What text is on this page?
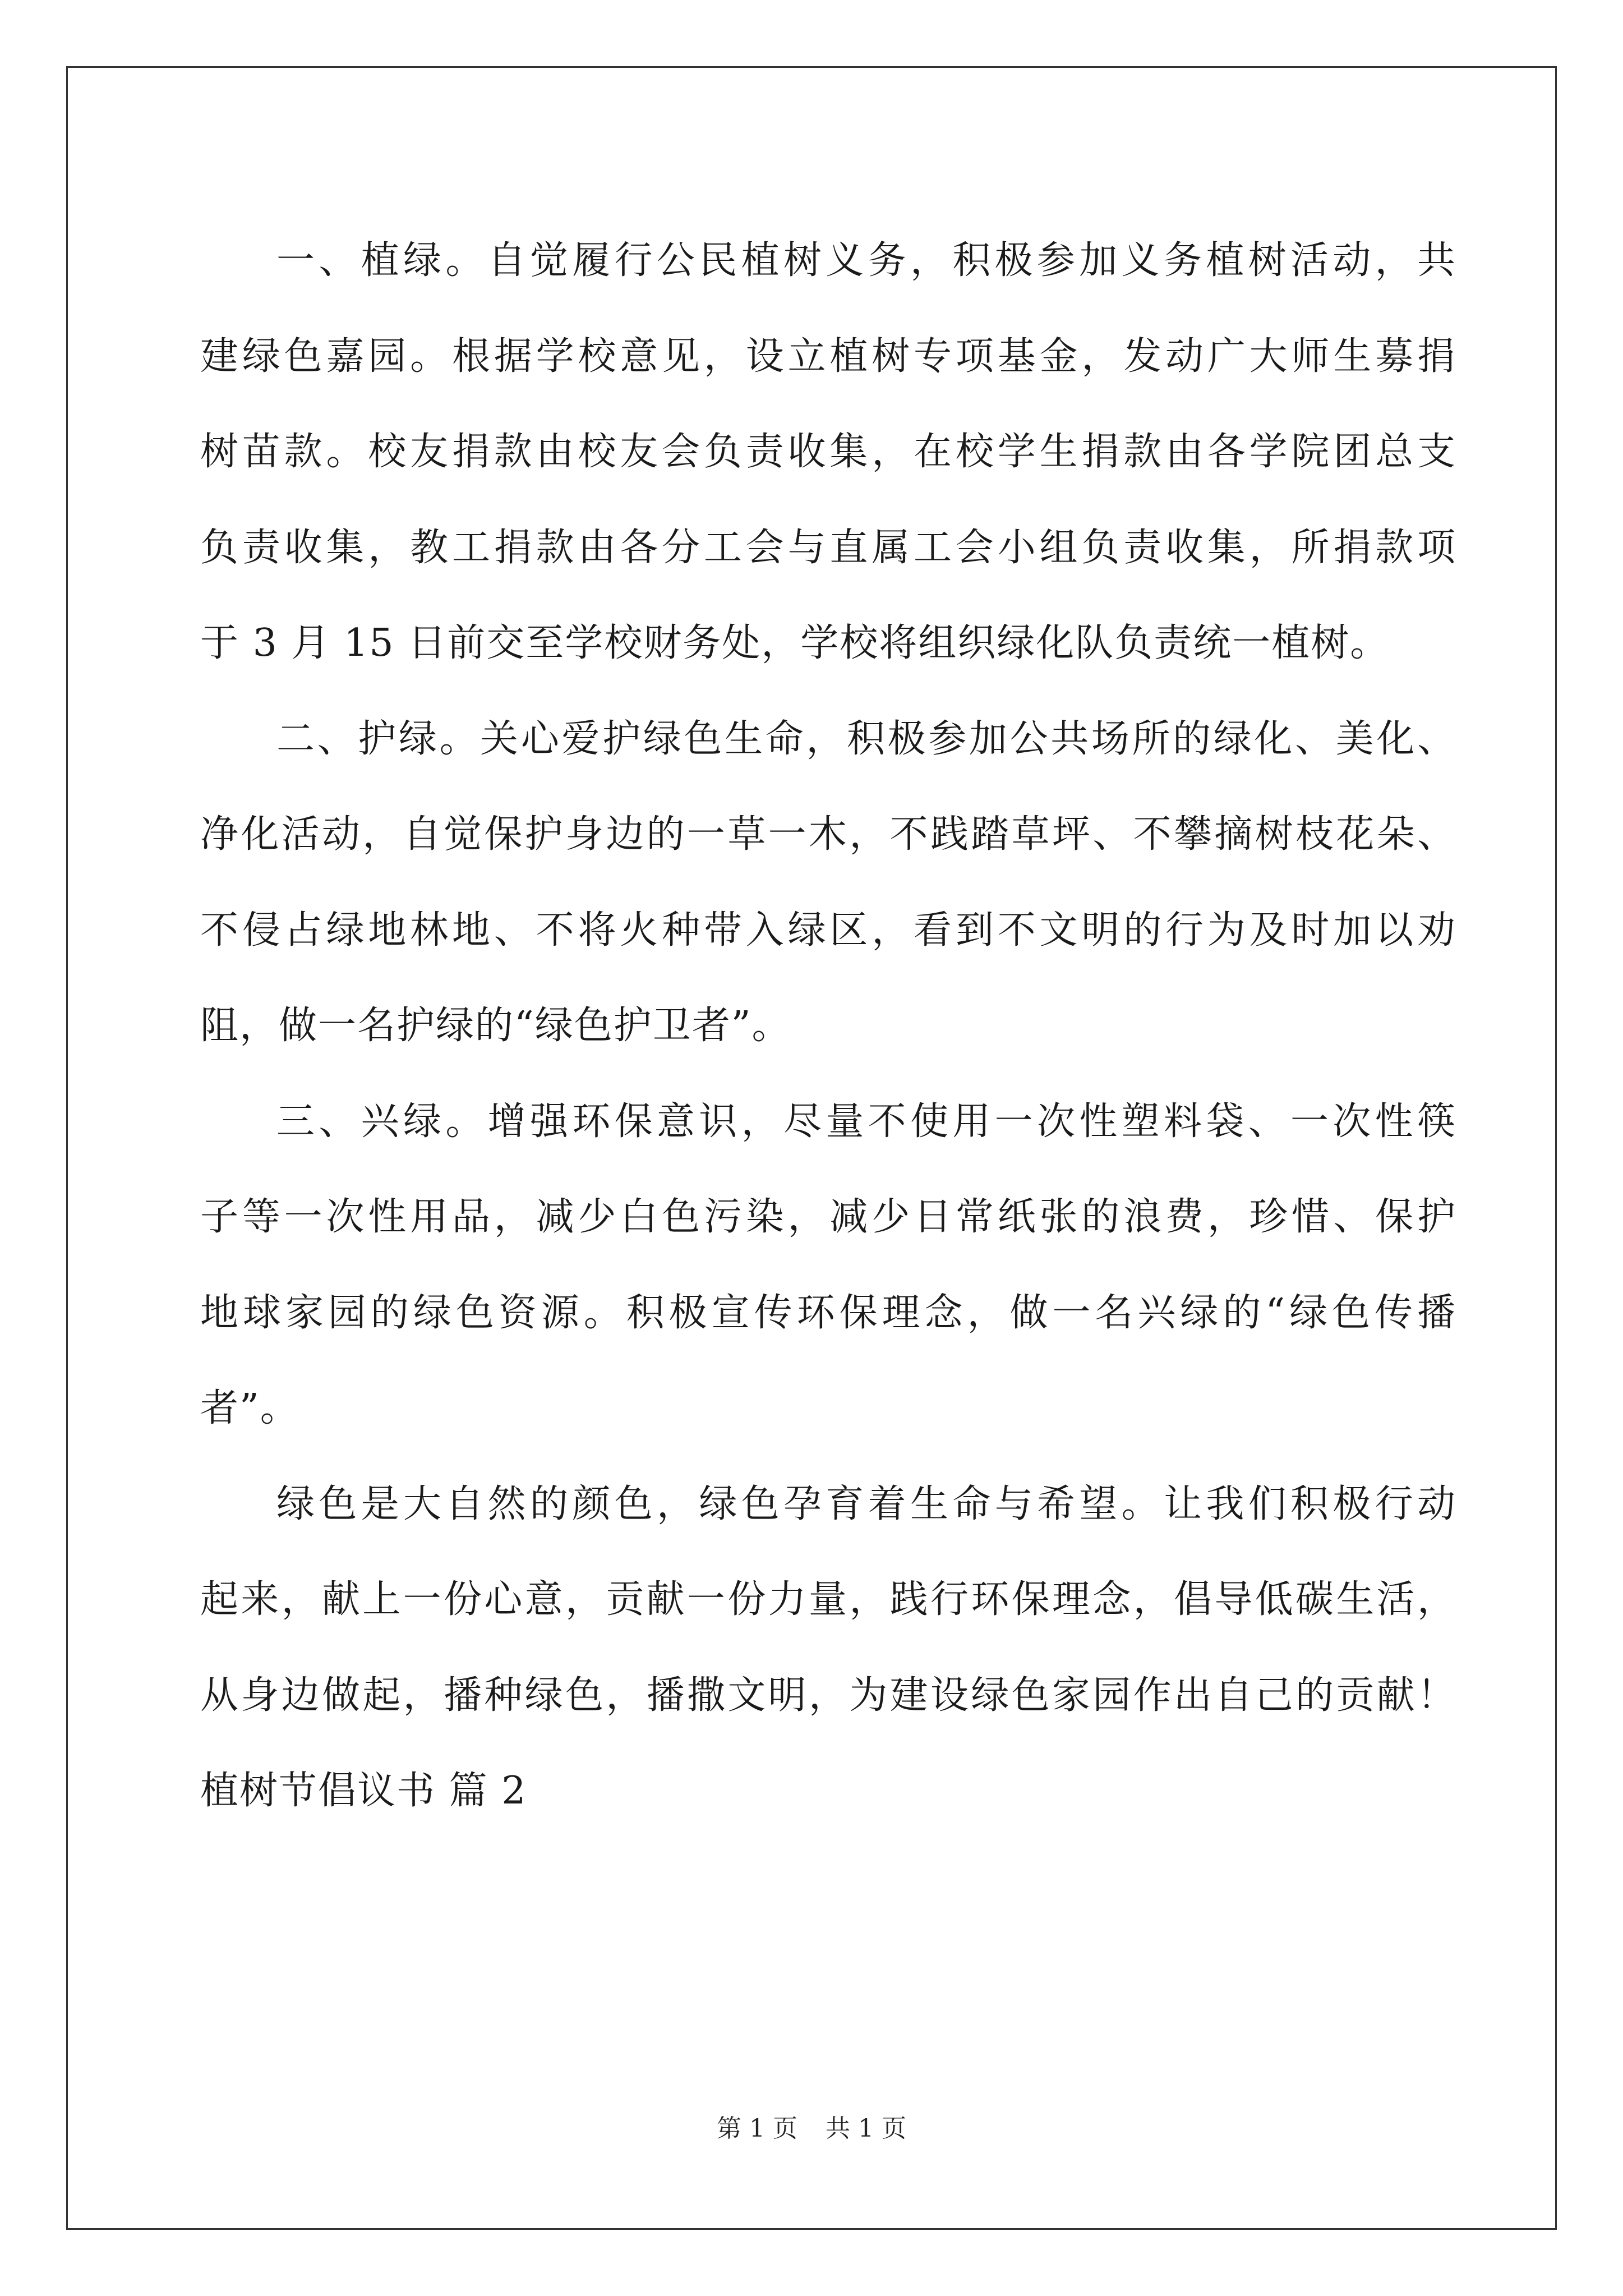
一、植绿。自觉履行公民植树义务，积极参加义务植树活动，共
建绿色嘉园。根据学校意见，设立植树专项基金，发动广大师生募捐
树苗款。校友捐款由校友会负责收集，在校学生捐款由各学院团总支
负责收集，教工捐款由各分工会与直属工会小组负责收集，所捐款项
于 3 月 15 日前交至学校财务处，学校将组织绿化队负责统一植树。
二、护绿。关心爱护绿色生命，积极参加公共场所的绿化、美化、
净化活动，自觉保护身边的一草一木，不践踏草坪、不攀摘树枝花朵、
不侵占绿地林地、不将火种带入绿区，看到不文明的行为及时加以劝
阻，做一名护绿的“绿色护卫者”。
三、兴绿。增强环保意识，尽量不使用一次性塑料袋、一次性筷
子等一次性用品，减少白色污染，减少日常纸张的浪费，珍惜、保护
地球家园的绿色资源。积极宣传环保理念，做一名兴绿的“绿色传播
者”。
绿色是大自然的颜色，绿色孕育着生命与希望。让我们积极行动
起来，献上一份心意，贡献一份力量，践行环保理念，倡导低碳生活，
从身边做起，播种绿色，播撒文明，为建设绿色家园作出自己的贡献！
植树节倡议书 篇 2
第 1 页 共 1 页
